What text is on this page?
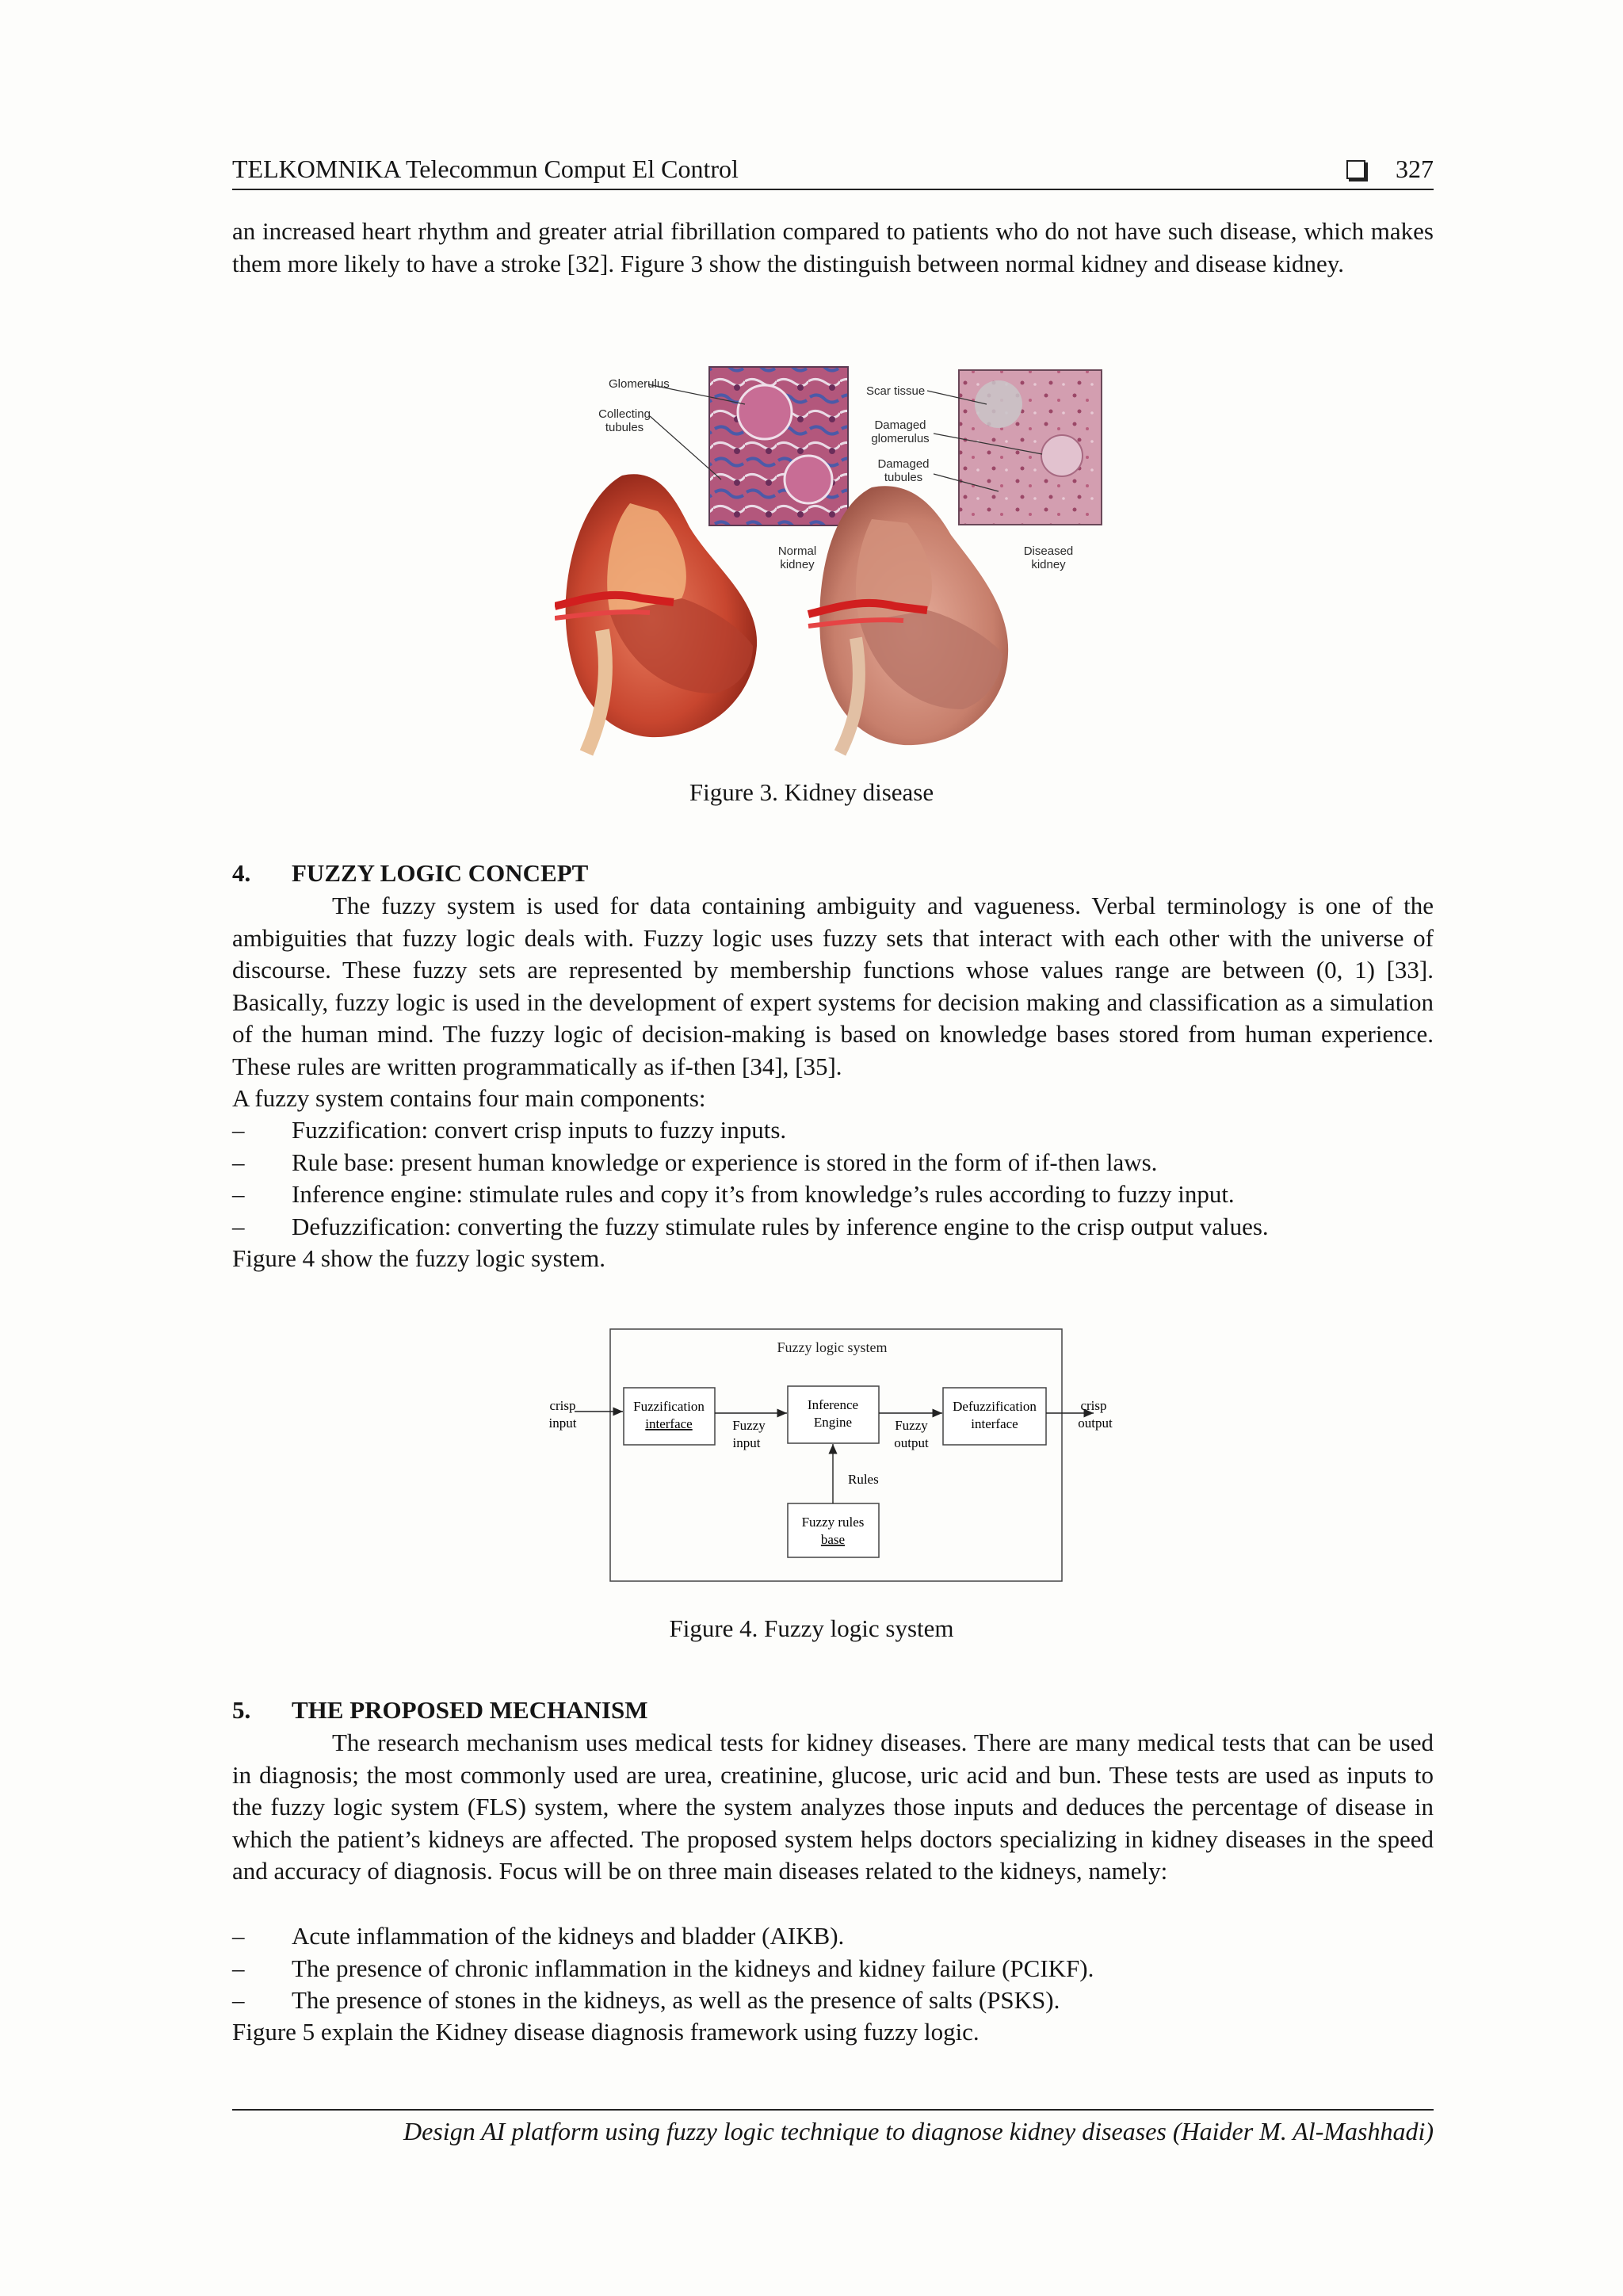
TELKOMNIKA Telecommun Comput El Control	327

an increased heart rhythm and greater atrial fibrillation compared to patients who do not have such disease, which makes them more likely to have a stroke [32]. Figure 3 show the distinguish between normal kidney and disease kidney.

Glomerulus
Collecting
tubules
Normal
kidney
Scar tissue
Damaged
glomerulus
Damaged
tubules
Diseased
kidney
Figure 3. Kidney disease
4. FUZZY LOGIC CONCEPT

The fuzzy system is used for data containing ambiguity and vagueness. Verbal terminology is one of the ambiguities that fuzzy logic deals with. Fuzzy logic uses fuzzy sets that interact with each other with the universe of discourse. These fuzzy sets are represented by membership functions whose values range are between (0, 1) [33]. Basically, fuzzy logic is used in the development of expert systems for decision making and classification as a simulation of the human mind. The fuzzy logic of decision-making is based on knowledge bases stored from human experience. These rules are written programmatically as if-then [34], [35].

A fuzzy system contains four main components:
– Fuzzification: convert crisp inputs to fuzzy inputs.
– Rule base: present human knowledge or experience is stored in the form of if-then laws.
– Inference engine: stimulate rules and copy it’s from knowledge’s rules according to fuzzy input.
– Defuzzification: converting the fuzzy stimulate rules by inference engine to the crisp output values.
Figure 4 show the fuzzy logic system.
Fuzzy logic system
Fuzzification
interface
Inference
Engine
Defuzzification
interface
Fuzzy rules
base
crisp
input	Fuzzy
input
Fuzzy
output
crisp
output
Rules
Figure 4. Fuzzy logic system
5. THE PROPOSED MECHANISM

The research mechanism uses medical tests for kidney diseases. There are many medical tests that can be used in diagnosis; the most commonly used are urea, creatinine, glucose, uric acid and bun. These tests are used as inputs to the fuzzy logic system (FLS) system, where the system analyzes those inputs and deduces the percentage of disease in which the patient’s kidneys are affected. The proposed system helps doctors specializing in kidney diseases in the speed and accuracy of diagnosis. Focus will be on three main diseases related to the kidneys, namely:

– Acute inflammation of the kidneys and bladder (AIKB).
– The presence of chronic inflammation in the kidneys and kidney failure (PCIKF).
– The presence of stones in the kidneys, as well as the presence of salts (PSKS).
Figure 5 explain the Kidney disease diagnosis framework using fuzzy logic.
Design AI platform using fuzzy logic technique to diagnose kidney diseases (Haider M. Al-Mashhadi)
